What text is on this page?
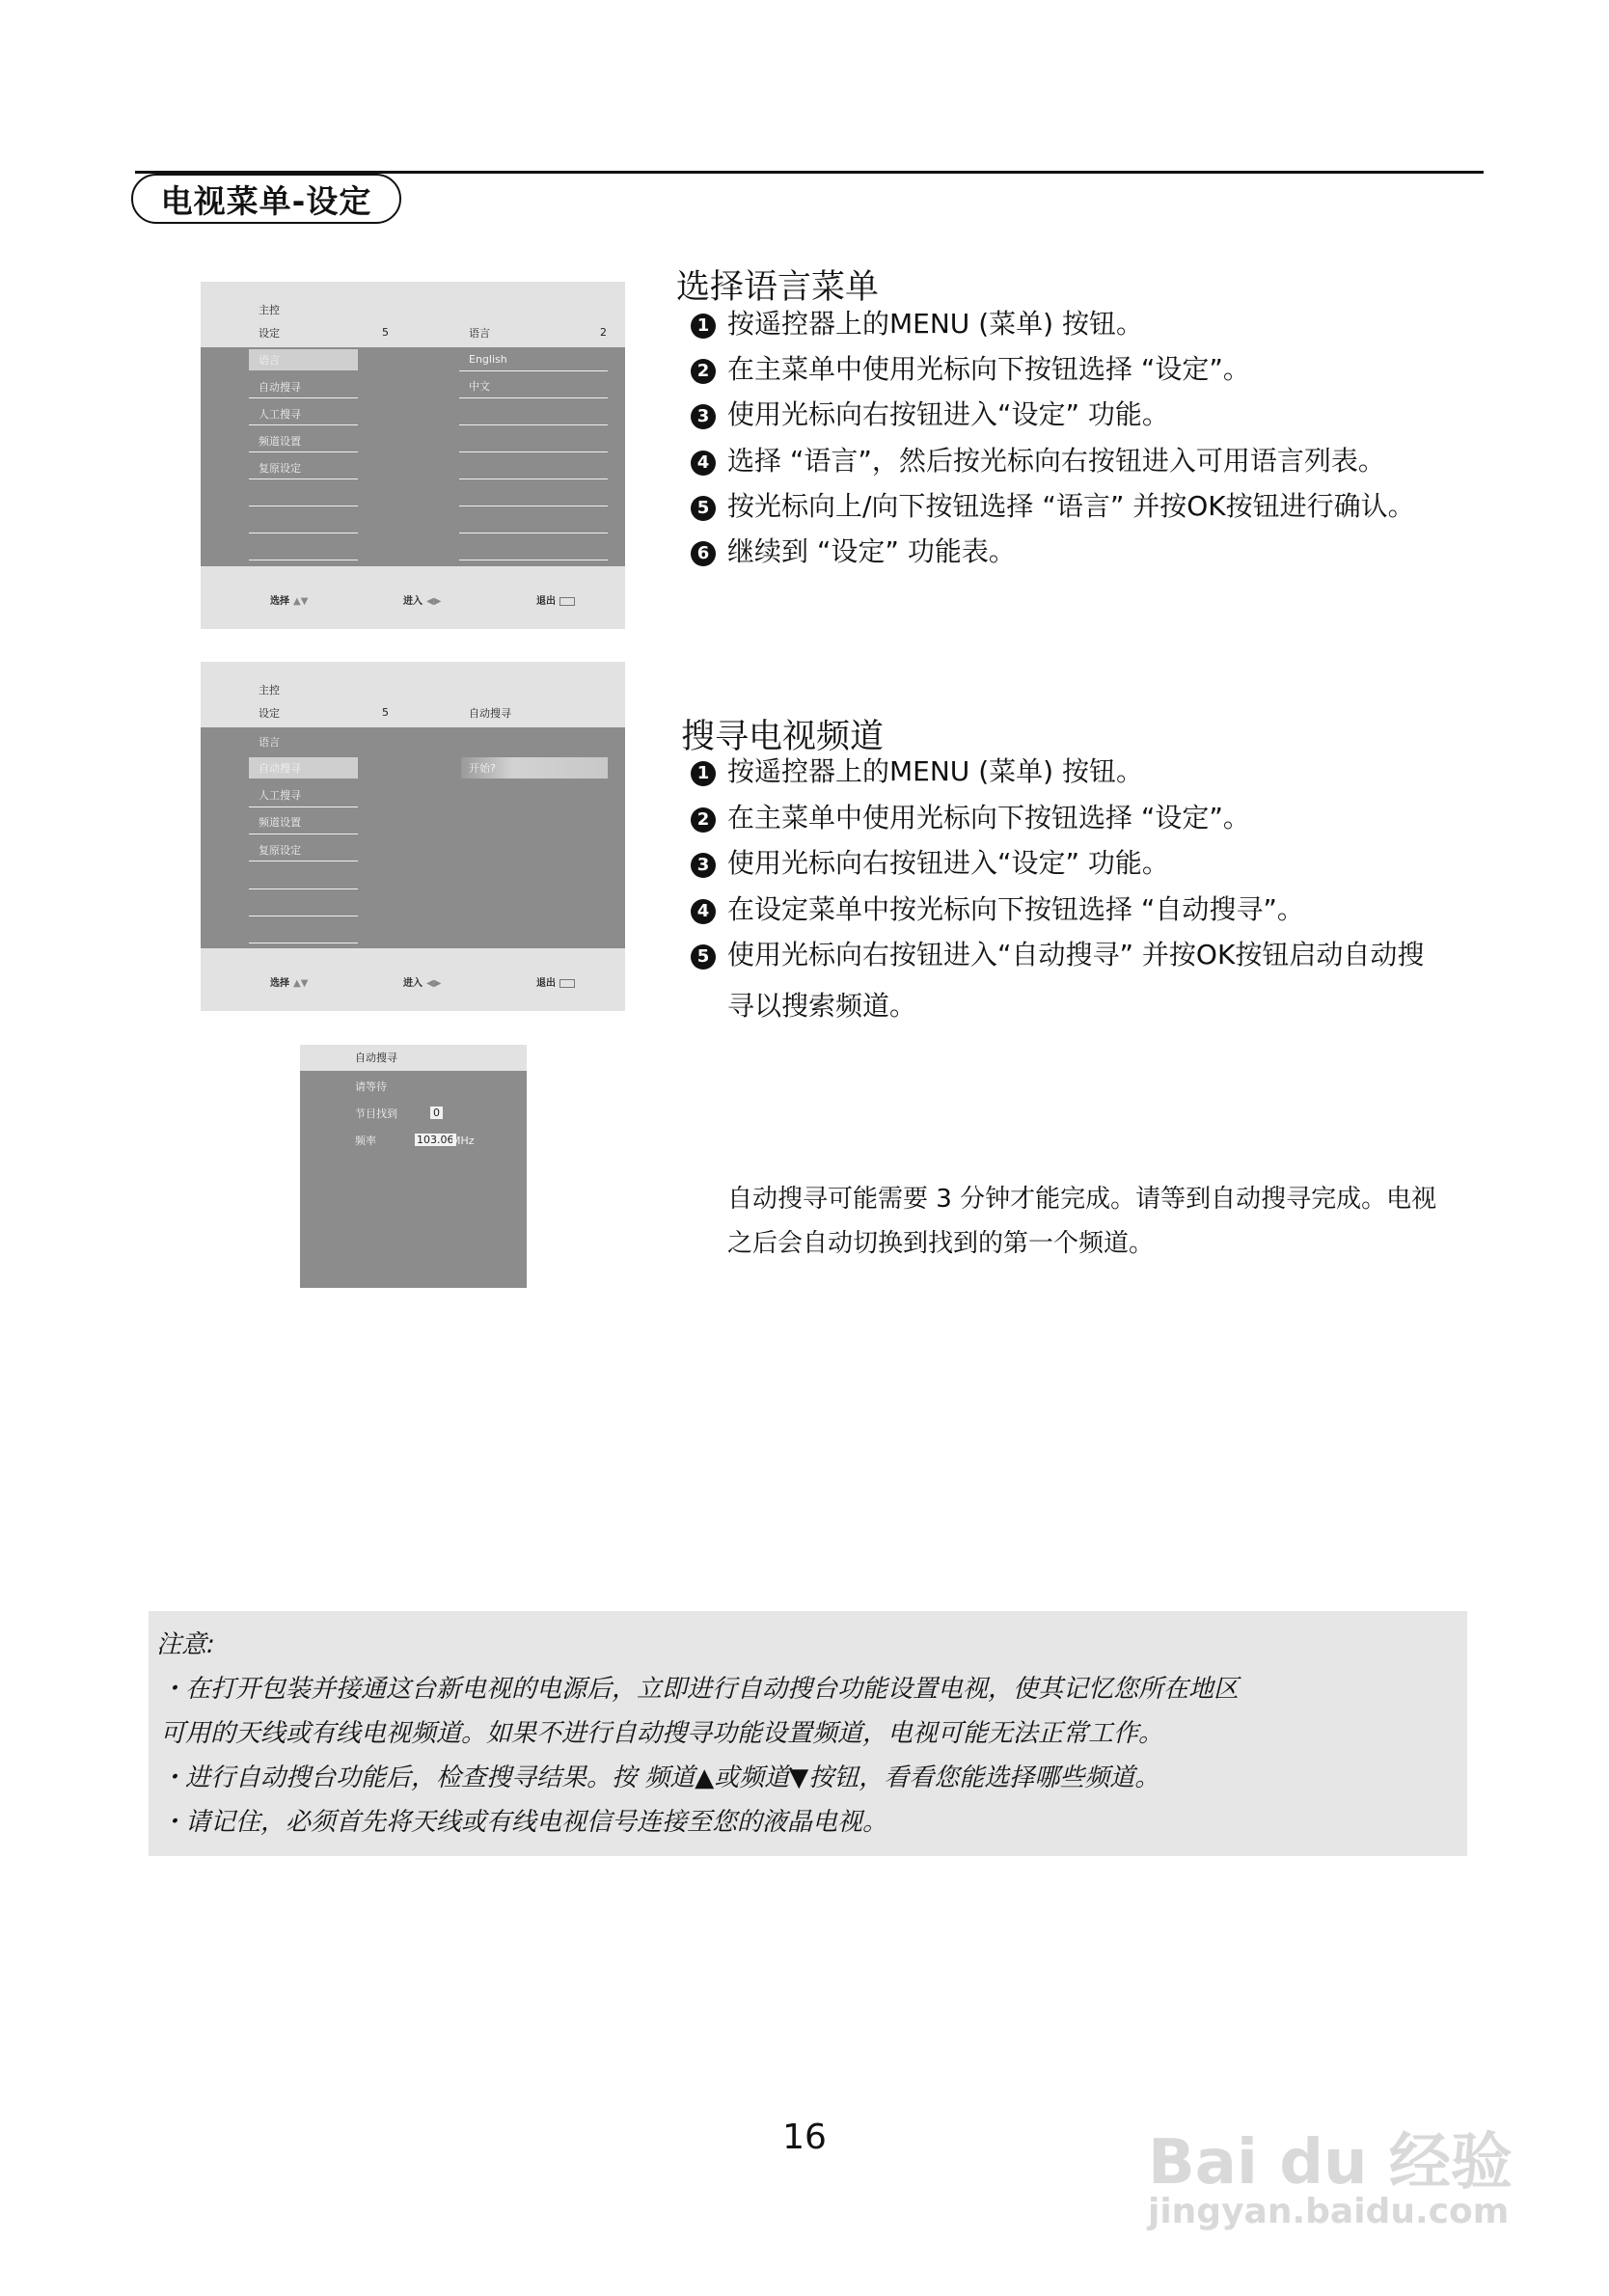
电视菜单-设定
主控
设定	5	语言	2
语言
自动搜寻
人工搜寻
频道设置
复原设定
English
中文
选择 ▲▼	进入 ◀▶	退出
主控
设定	5	自动搜寻
语言
自动搜寻
人工搜寻
频道设置
复原设定
开始?
选择 ▲▼	进入 ◀▶	退出
自动搜寻
请等待
节目找到	0
频率	103.06
MHz
选择语言菜单
1 按遥控器上的MENU (菜单) 按钮。
2 在主菜单中使用光标向下按钮选择 “设定”。
3 使用光标向右按钮进入“设定” 功能。
4 选择 “语言”，然后按光标向右按钮进入可用语言列表。
5 按光标向上/向下按钮选择 “语言” 并按OK按钮进行确认。
6 继续到 “设定” 功能表。
搜寻电视频道
1 按遥控器上的MENU (菜单) 按钮。
2 在主菜单中使用光标向下按钮选择 “设定”。
3 使用光标向右按钮进入“设定” 功能。
4 在设定菜单中按光标向下按钮选择 “自动搜寻”。
5 使用光标向右按钮进入“自动搜寻” 并按OK按钮启动自动搜
寻以搜索频道。
自动搜寻可能需要 3 分钟才能完成。请等到自动搜寻完成。电视
之后会自动切换到找到的第一个频道。
注意:
・在打开包装并接通这台新电视的电源后，立即进行自动搜台功能设置电视，使其记忆您所在地区
可用的天线或有线电视频道。如果不进行自动搜寻功能设置频道，电视可能无法正常工作。
・进行自动搜台功能后，检查搜寻结果。按 频道▲或频道▼按钮，看看您能选择哪些频道。
・请记住，必须首先将天线或有线电视信号连接至您的液晶电视。
16	Bai du 经验
jingyan.baidu.com
